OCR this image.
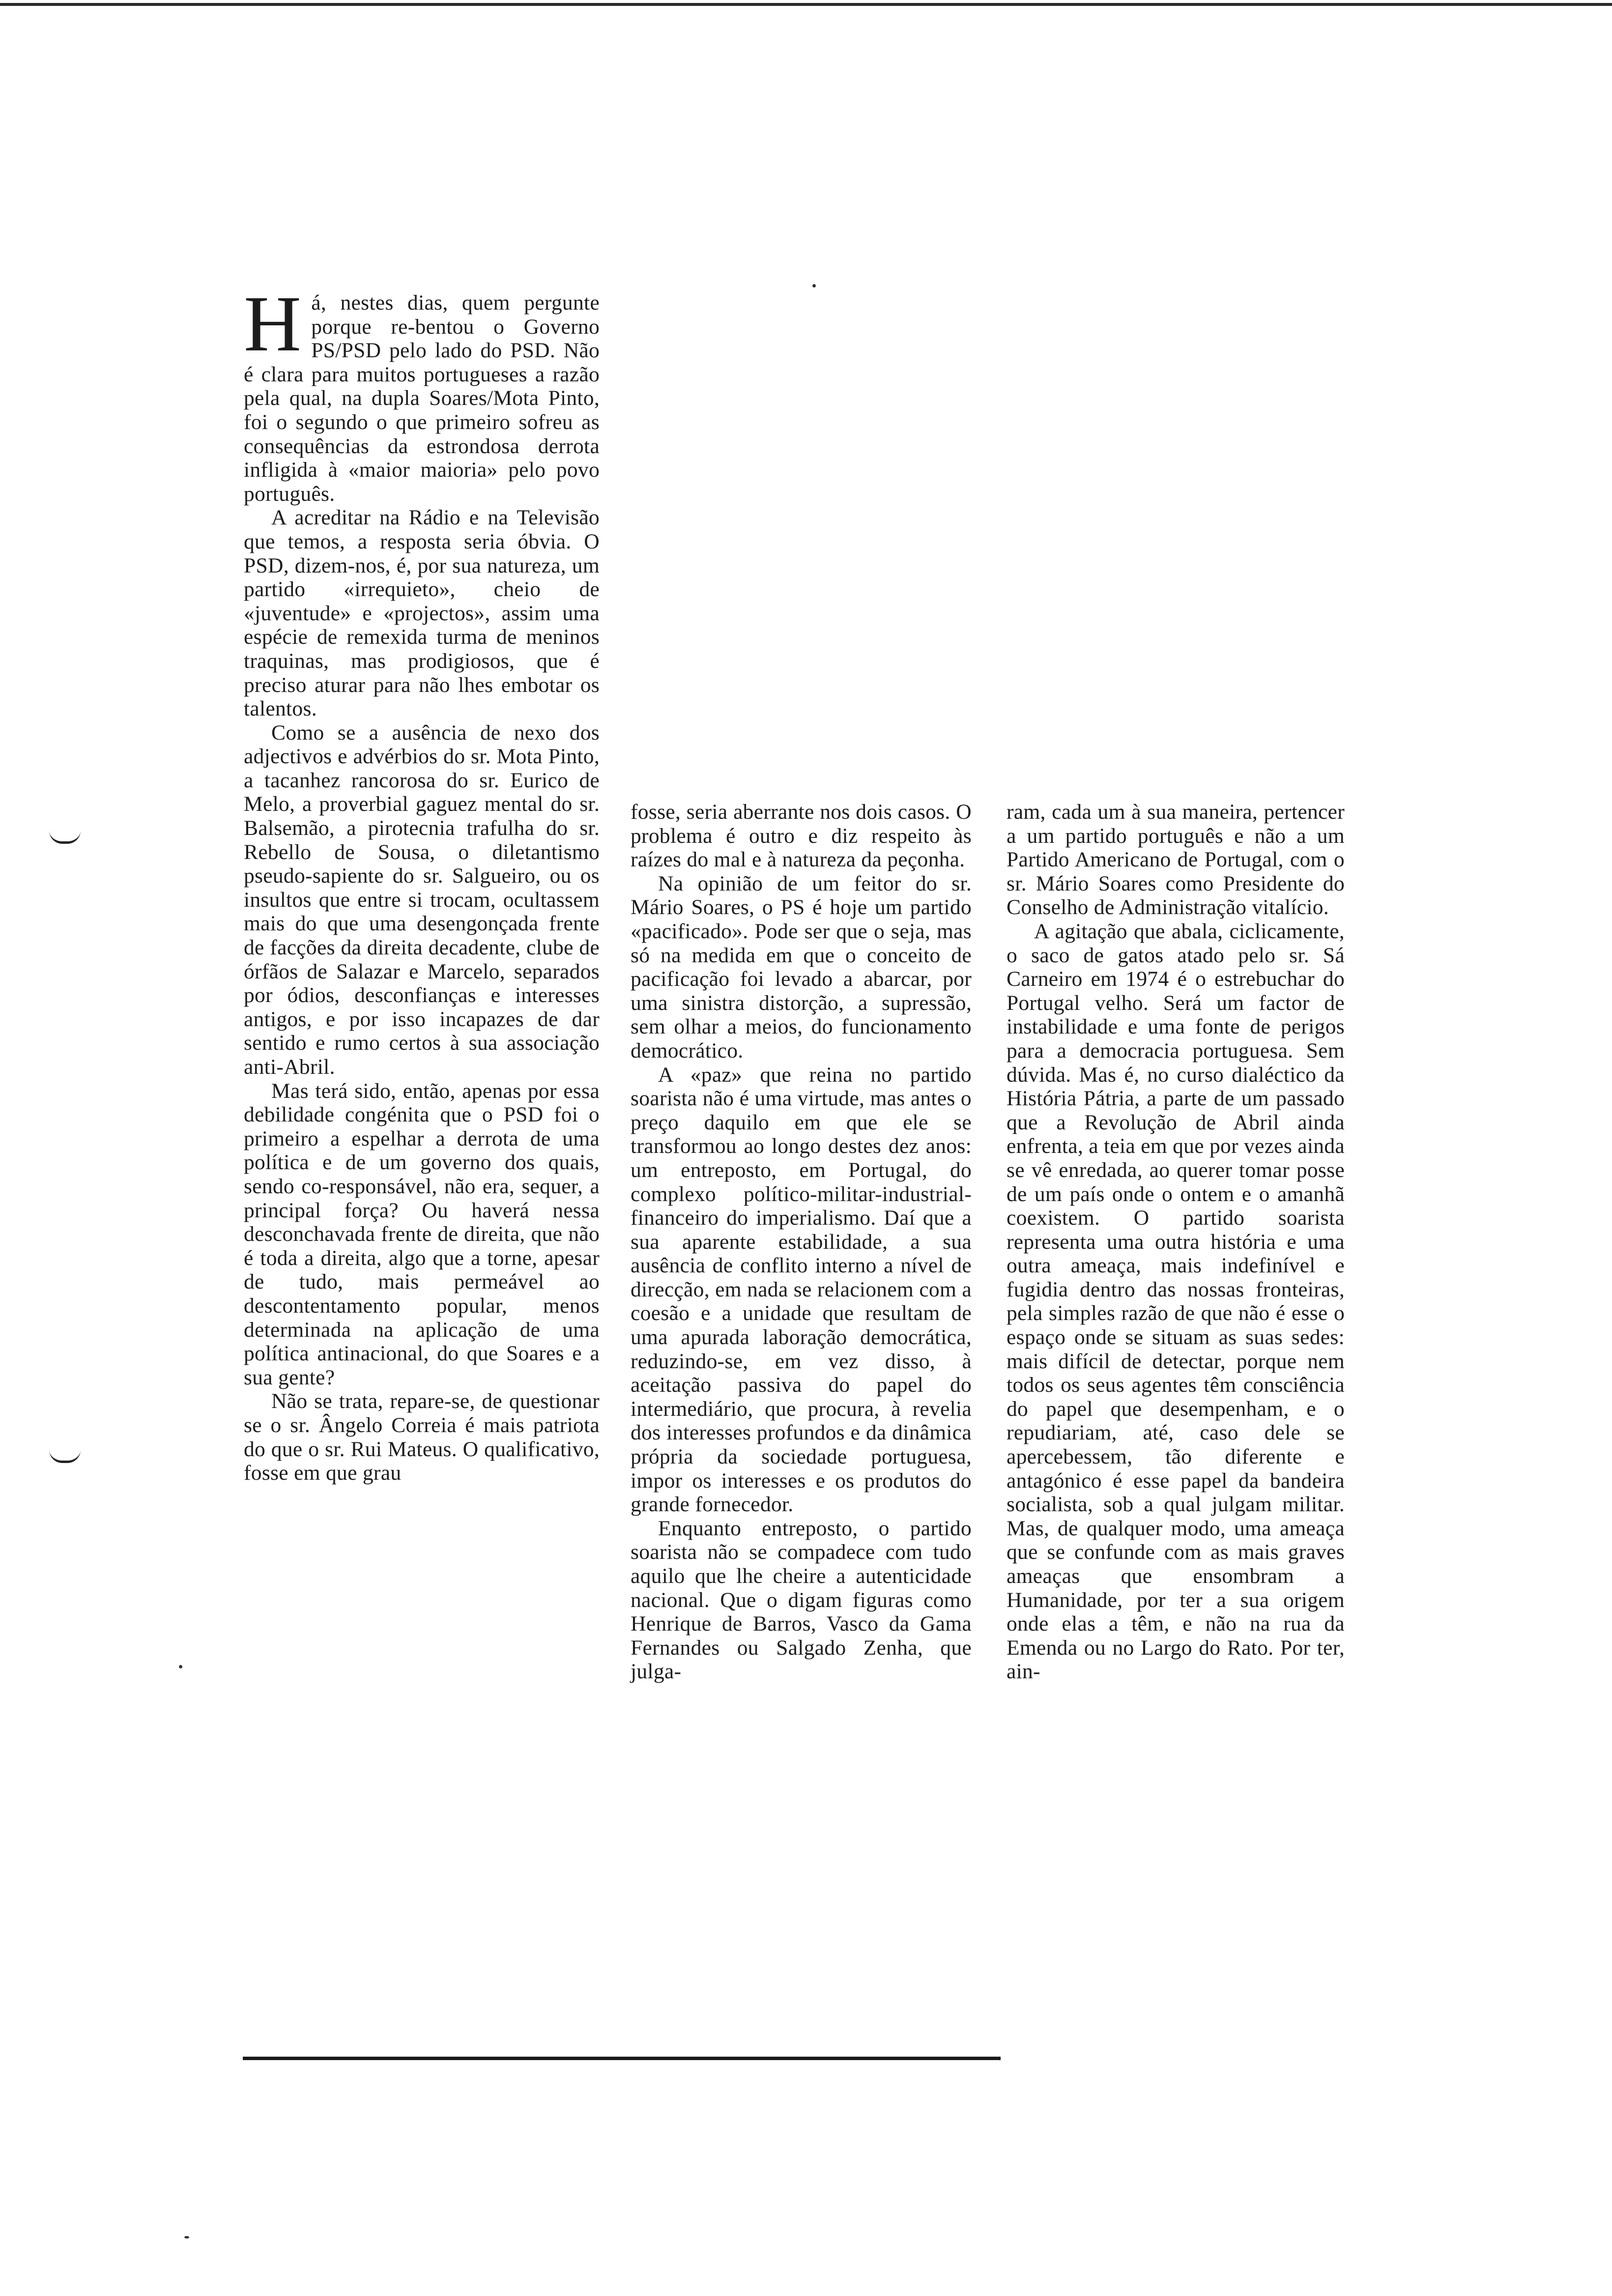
H á, nestes dias, quem pergunte porque re-bentou o Governo PS/PSD pelo lado do PSD. Não é clara para muitos portugueses a razão pela qual, na dupla Soares/Mota Pinto, foi o segundo o que primeiro sofreu as consequências da estrondosa derrota infligida à «maior maioria» pelo povo português.

A acreditar na Rádio e na Televisão que temos, a resposta seria óbvia. O PSD, dizem-nos, é, por sua natureza, um partido «irrequieto», cheio de «juventude» e «projectos», assim uma espécie de remexida turma de meninos traquinas, mas prodigiosos, que é preciso aturar para não lhes embotar os talentos.

Como se a ausência de nexo dos adjectivos e advérbios do sr. Mota Pinto, a tacanhez rancorosa do sr. Eurico de Melo, a proverbial gaguez mental do sr. Balsemão, a pirotecnia trafulha do sr. Rebello de Sousa, o diletantismo pseudo-sapiente do sr. Salgueiro, ou os insultos que entre si trocam, ocultassem mais do que uma desengonçada frente de facções da direita decadente, clube de órfãos de Salazar e Marcelo, separados por ódios, desconfianças e interesses antigos, e por isso incapazes de dar sentido e rumo certos à sua associação anti-Abril.

Mas terá sido, então, apenas por essa debilidade congénita que o PSD foi o primeiro a espelhar a derrota de uma política e de um governo dos quais, sendo co-responsável, não era, sequer, a principal força? Ou haverá nessa desconchavada frente de direita, que não é toda a direita, algo que a torne, apesar de tudo, mais permeável ao descontentamento popular, menos determinada na aplicação de uma política antinacional, do que Soares e a sua gente?

Não se trata, repare-se, de questionar se o sr. Ângelo Correia é mais patriota do que o sr. Rui Mateus. O qualificativo, fosse em que grau

fosse, seria aberrante nos dois casos. O problema é outro e diz respeito às raízes do mal e à natureza da peçonha.

Na opinião de um feitor do sr. Mário Soares, o PS é hoje um partido «pacificado». Pode ser que o seja, mas só na medida em que o conceito de pacificação foi levado a abarcar, por uma sinistra distorção, a supressão, sem olhar a meios, do funcionamento democrático.

A «paz» que reina no partido soarista não é uma virtude, mas antes o preço daquilo em que ele se transformou ao longo destes dez anos: um entreposto, em Portugal, do complexo político-militar-industrial-financeiro do imperialismo. Daí que a sua aparente estabilidade, a sua ausência de conflito interno a nível de direcção, em nada se relacionem com a coesão e a unidade que resultam de uma apurada laboração democrática, reduzindo-se, em vez disso, à aceitação passiva do papel do intermediário, que procura, à revelia dos interesses profundos e da dinâmica própria da sociedade portuguesa, impor os interesses e os produtos do grande fornecedor.

Enquanto entreposto, o partido soarista não se compadece com tudo aquilo que lhe cheire a autenticidade nacional. Que o digam figuras como Henrique de Barros, Vasco da Gama Fernandes ou Salgado Zenha, que julga-

ram, cada um à sua maneira, pertencer a um partido português e não a um Partido Americano de Portugal, com o sr. Mário Soares como Presidente do Conselho de Administração vitalício.

A agitação que abala, ciclicamente, o saco de gatos atado pelo sr. Sá Carneiro em 1974 é o estrebuchar do Portugal velho. Será um factor de instabilidade e uma fonte de perigos para a democracia portuguesa. Sem dúvida. Mas é, no curso dialéctico da História Pátria, a parte de um passado que a Revolução de Abril ainda enfrenta, a teia em que por vezes ainda se vê enredada, ao querer tomar posse de um país onde o ontem e o amanhã coexistem. O partido soarista representa uma outra história e uma outra ameaça, mais indefinível e fugidia dentro das nossas fronteiras, pela simples razão de que não é esse o espaço onde se situam as suas sedes: mais difícil de detectar, porque nem todos os seus agentes têm consciência do papel que desempenham, e o repudiariam, até, caso dele se apercebessem, tão diferente e antagónico é esse papel da bandeira socialista, sob a qual julgam militar. Mas, de qualquer modo, uma ameaça que se confunde com as mais graves ameaças que ensombram a Humanidade, por ter a sua origem onde elas a têm, e não na rua da Emenda ou no Largo do Rato. Por ter, ain-
